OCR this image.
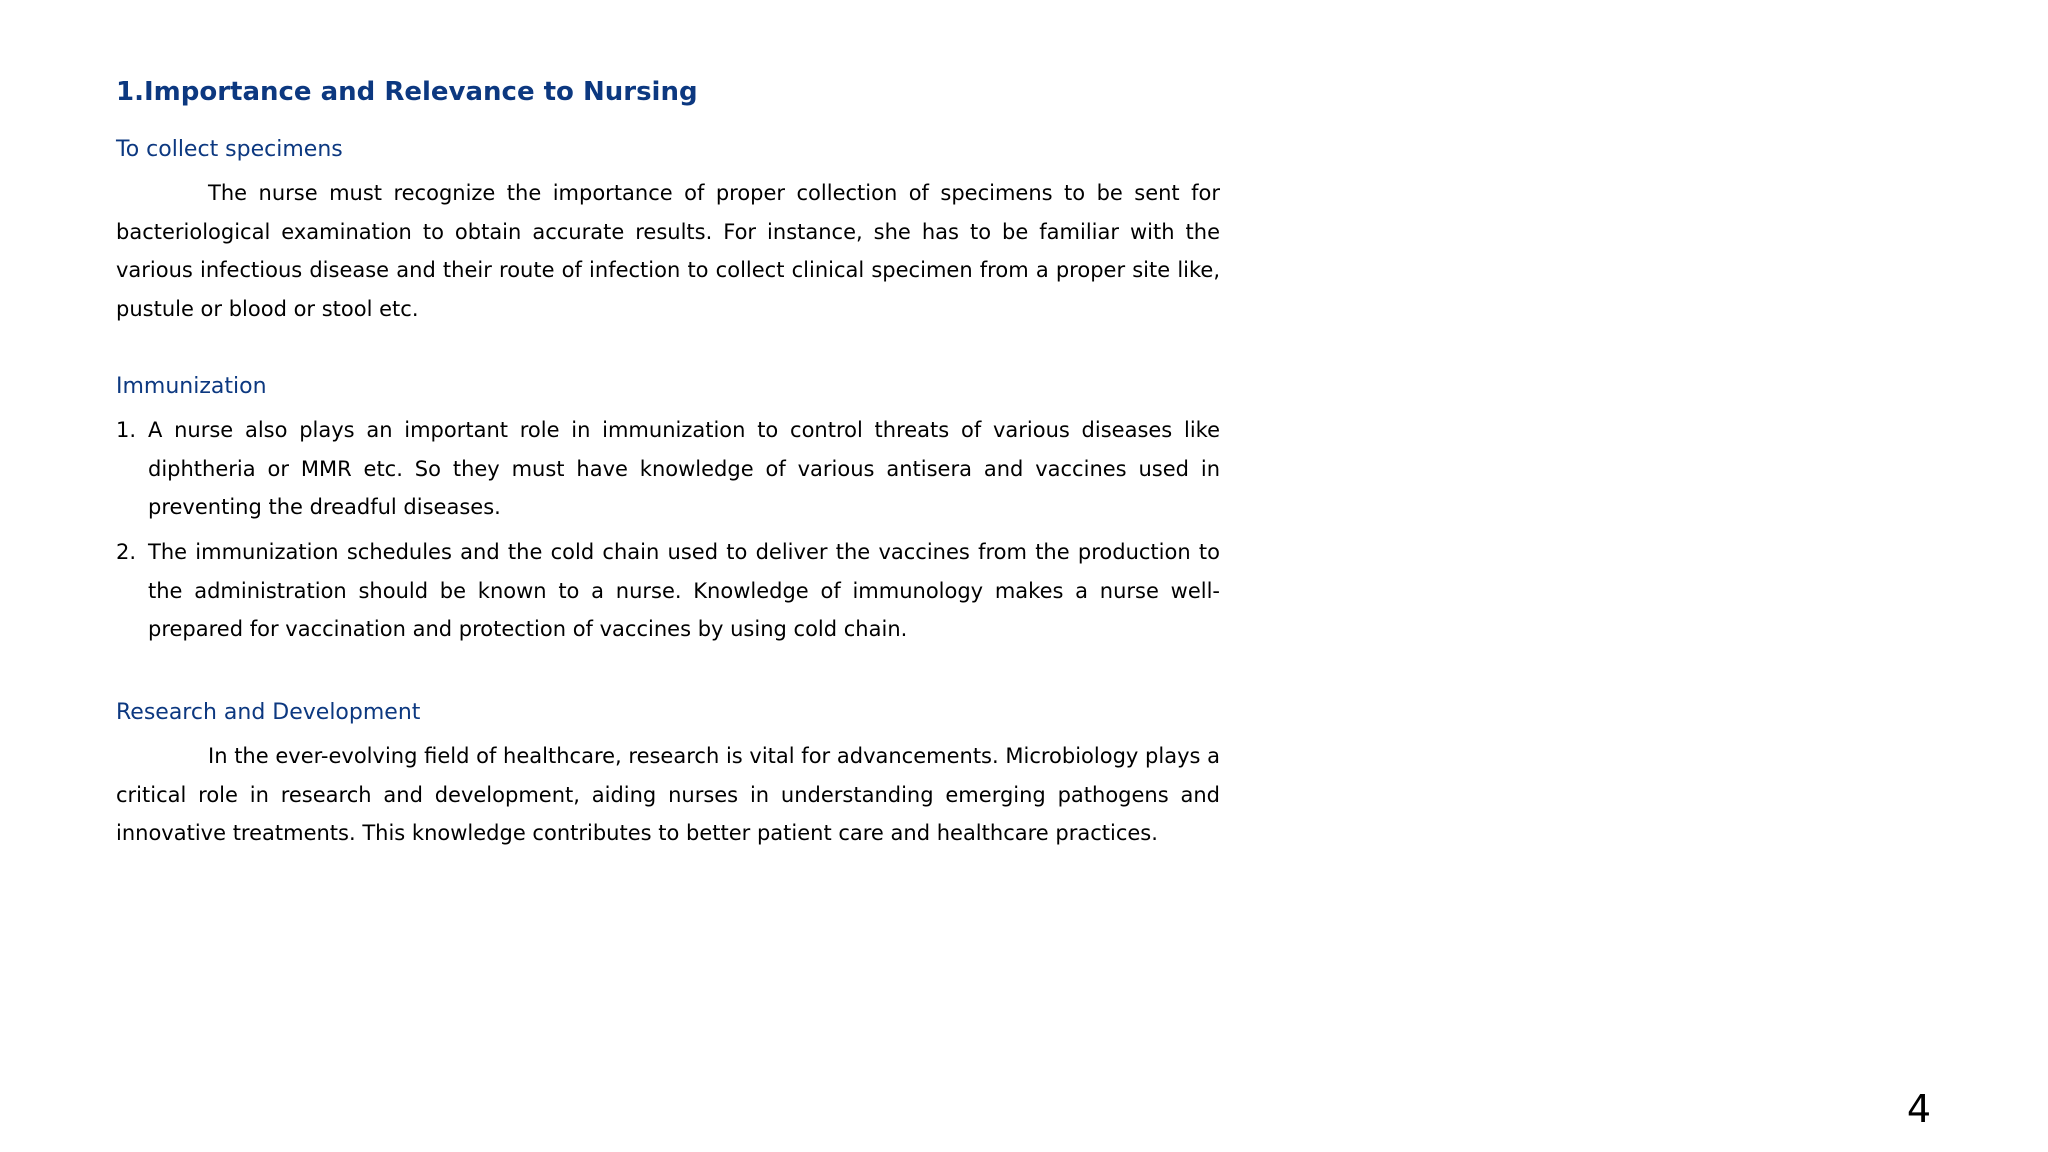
1.Importance and Relevance to Nursing
To collect specimens

The nurse must recognize the importance of proper collection of specimens to be sent for bacteriological examination to obtain accurate results. For instance, she has to be familiar with the various infectious disease and their route of infection to collect clinical specimen from a proper site like, pustule or blood or stool etc.

Immunization
1. A nurse also plays an important role in immunization to control threats of various diseases like diphtheria or MMR etc. So they must have knowledge of various antisera and vaccines used in preventing the dreadful diseases.
2. The immunization schedules and the cold chain used to deliver the vaccines from the production to the administration should be known to a nurse. Knowledge of immunology makes a nurse well-prepared for vaccination and protection of vaccines by using cold chain.
Research and Development

In the ever-evolving field of healthcare, research is vital for advancements. Microbiology plays a critical role in research and development, aiding nurses in understanding emerging pathogens and innovative treatments. This knowledge contributes to better patient care and healthcare practices.

4
